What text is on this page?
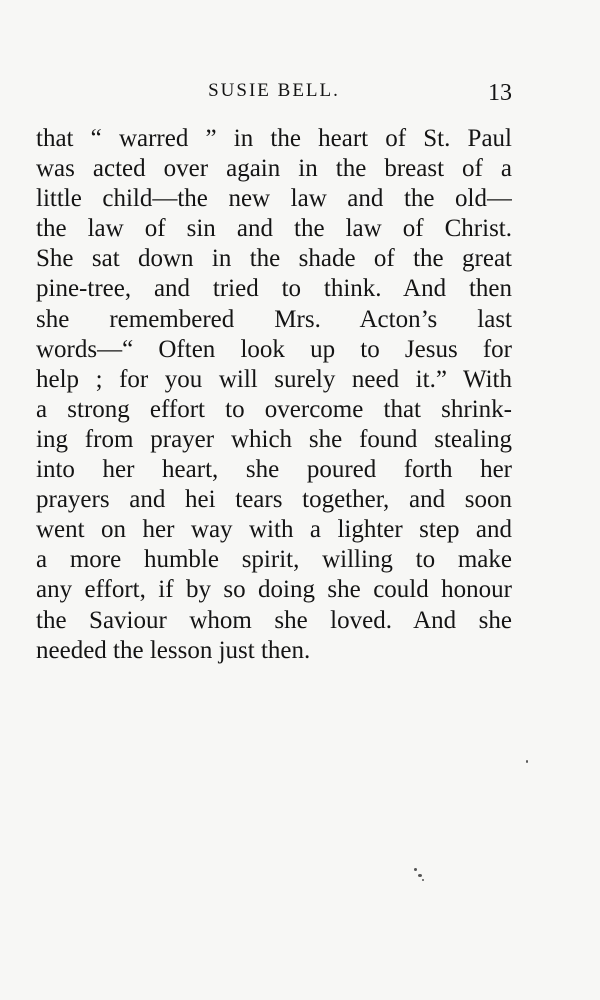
SUSIE BELL.	13
that “ warred ” in the heart of St. Paul
was acted over again in the breast of a
little child—the new law and the old—
the law of sin and the law of Christ.
She sat down in the shade of the great
pine-tree, and tried to think. And then
she remembered Mrs. Acton’s last
words—“ Often look up to Jesus for
help ; for you will surely need it.” With
a strong effort to overcome that shrink-
ing from prayer which she found stealing
into her heart, she poured forth her
prayers and hei tears together, and soon
went on her way with a lighter step and
a more humble spirit, willing to make
any effort, if by so doing she could honour
the Saviour whom she loved. And she
needed the lesson just then.
